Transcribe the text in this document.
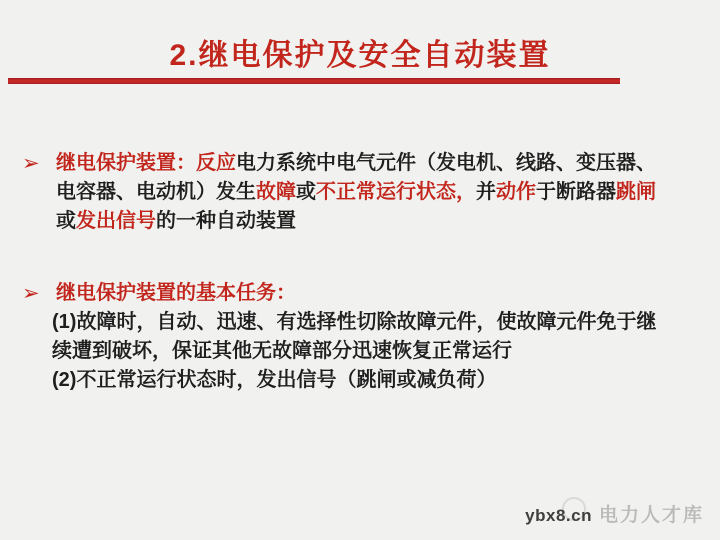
2.继电保护及安全自动装置
➢ 继电保护装置：反应电力系统中电气元件（发电机、线路、变压器、
电容器、电动机）发生故障或不正常运行状态，并动作于断路器跳闸
或发出信号的一种自动装置
➢ 继电保护装置的基本任务：
(1)故障时，自动、迅速、有选择性切除故障元件，使故障元件免于继
续遭到破坏，保证其他无故障部分迅速恢复正常运行
(2)不正常运行状态时，发出信号（跳闸或减负荷）
ybx8.cn 电力人才库
